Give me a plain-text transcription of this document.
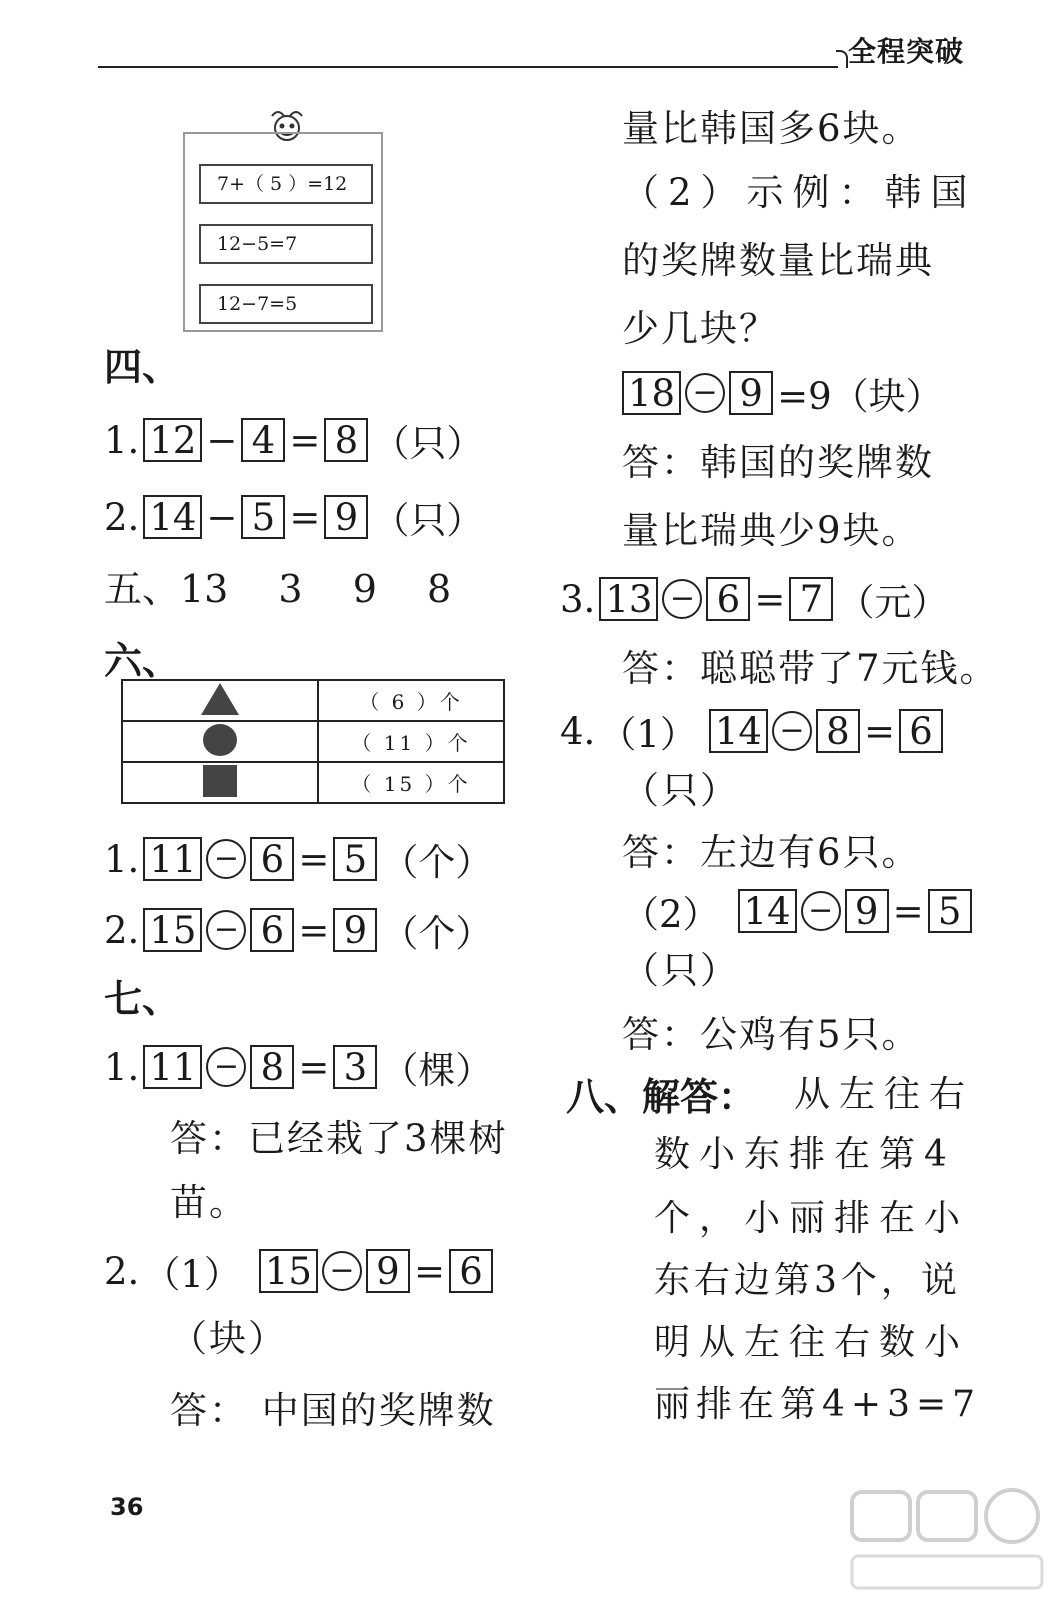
全程突破
7+（ 5 ）=12
12−5=7
12−7=5
四、
1. 12 − 4 = 8 （只）
2. 14 − 5 = 9 （只）
五、13　 3　 9　 8
六、
	（ 6 ）个
	（ 11 ）个
	（ 15 ）个
1. 11 − 6 = 5 （个）
2. 15 − 6 = 9 （个）
七、
1. 11 − 8 = 3 （棵）
答：已经栽了3棵树
苗。
2. （1） 15 − 9 = 6
（块）
答： 中国的奖牌数
量比韩国多6块。
（2）示例：韩国
的奖牌数量比瑞典
少几块？
18 − 9 =9（块）
答：韩国的奖牌数
量比瑞典少9块。
3. 13 − 6 = 7 （元）
答：聪聪带了7元钱。
4. （1） 14 − 8 = 6
（只）
答：左边有6只。
（2） 14 − 9 = 5
（只）
答：公鸡有5只。
八、解答： 从左往右
数小东排在第4
个，小丽排在小
东右边第3个，说
明从左往右数小
丽排在第4+3=7
36
